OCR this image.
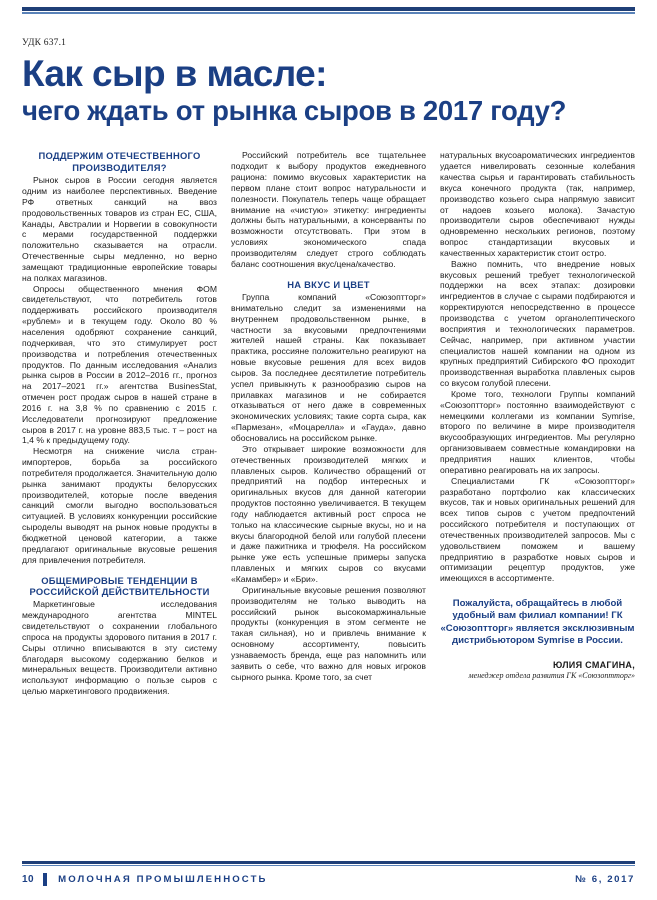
УДК 637.1
Как сыр в масле:
чего ждать от рынка сыров в 2017 году?
ПОДДЕРЖИМ ОТЕЧЕСТВЕННОГО ПРОИЗВОДИТЕЛЯ?

Рынок сыров в России сегодня является одним из наиболее перспективных. Введение РФ ответных санкций на ввоз продовольственных товаров из стран ЕС, США, Канады, Австралии и Норвегии в совокупности с мерами государственной поддержки положительно сказывается на отрасли. Отечественные сыры медленно, но верно замещают традиционные европейские товары на полках магазинов.

Опросы общественного мнения ФОМ свидетельствуют, что потребитель готов поддерживать российского производителя «рублем» и в текущем году. Около 80 % населения одобряют сохранение санкций, подчеркивая, что это стимулирует рост производства и потребления отечественных продуктов. По данным исследования «Анализ рынка сыров в России в 2012–2016 гг., прогноз на 2017–2021 гг.» агентства BusinesStat, отмечен рост продаж сыров в нашей стране в 2016 г. на 3,8 % по сравнению с 2015 г. Исследователи прогнозируют предложение сыров в 2017 г. на уровне 883,5 тыс. т – рост на 1,4 % к предыдущему году.

Несмотря на снижение числа стран-импортеров, борьба за российского потребителя продолжается. Значительную долю рынка занимают продукты белорусских производителей, которые после введения санкций смогли выгодно воспользоваться ситуацией. В условиях конкуренции российские сыроделы выводят на рынок новые продукты в бюджетной ценовой категории, а также предлагают оригинальные вкусовые решения для привлечения потребителя.

ОБЩЕМИРОВЫЕ ТЕНДЕНЦИИ В РОССИЙСКОЙ ДЕЙСТВИТЕЛЬНОСТИ

Маркетинговые исследования международного агентства MINTEL свидетельствуют о сохранении глобального спроса на продукты здорового питания в 2017 г. Сыры отлично вписываются в эту систему благодаря высокому содержанию белков и минеральных веществ. Производители активно используют информацию о пользе сыров с целью маркетингового продвижения.

Российский потребитель все тщательнее подходит к выбору продуктов ежедневного рациона: помимо вкусовых характеристик на первом плане стоит вопрос натуральности и полезности. Покупатель теперь чаще обращает внимание на «чистую» этикетку: ингредиенты должны быть натуральными, а консерванты по возможности отсутствовать. При этом в условиях экономического спада производителям следует строго соблюдать баланс соотношения вкус/цена/качество.

НА ВКУС И ЦВЕТ

Группа компаний «Союзоптторг» внимательно следит за изменениями на внутреннем продовольственном рынке, в частности за вкусовыми предпочтениями жителей нашей страны. Как показывает практика, россияне положительно реагируют на новые вкусовые решения для всех видов сыров. За последнее десятилетие потребитель успел привыкнуть к разнообразию сыров на прилавках магазинов и не собирается отказываться от него даже в современных экономических условиях; такие сорта сыра, как «Пармезан», «Моцарелла» и «Гауда», давно обосновались на российском рынке.

Это открывает широкие возможности для отечественных производителей мягких и плавленых сыров. Количество обращений от предприятий на подбор интересных и оригинальных вкусов для данной категории продуктов постоянно увеличивается. В текущем году наблюдается активный рост спроса не только на классические сырные вкусы, но и на вкусы благородной белой или голубой плесени и даже пажитника и трюфеля. На российском рынке уже есть успешные примеры запуска плавленых и мягких сыров со вкусами «Камамбер» и «Бри».

Оригинальные вкусовые решения позволяют производителям не только выводить на российский рынок высокомаржинальные продукты (конкуренция в этом сегменте не такая сильная), но и привлечь внимание к основному ассортименту, повысить узнаваемость бренда, еще раз напомнить или заявить о себе, что важно для новых игроков сырного рынка. Кроме того, за счет

натуральных вкусоароматических ингредиентов удается нивелировать сезонные колебания качества сырья и гарантировать стабильность вкуса конечного продукта (так, например, производство козьего сыра напрямую зависит от надоев козьего молока). Зачастую производители сыров обеспечивают нужды одновременно нескольких регионов, поэтому вопрос стандартизации вкусовых и качественных характеристик стоит остро.

Важно помнить, что внедрение новых вкусовых решений требует технологической поддержки на всех этапах: дозировки ингредиентов в случае с сырами подбираются и корректируются непосредственно в процессе производства с учетом органолептического восприятия и технологических параметров. Сейчас, например, при активном участии специалистов нашей компании на одном из крупных предприятий Сибирского ФО проходит производственная выработка плавленых сыров со вкусом голубой плесени.

Кроме того, технологи Группы компаний «Союзоптторг» постоянно взаимодействуют с немецкими коллегами из компании Symrise, второго по величине в мире производителя вкусообразующих ингредиентов. Мы регулярно организовываем совместные командировки на предприятия наших клиентов, чтобы оперативно реагировать на их запросы.

Специалистами ГК «Союзоптторг» разработано портфолио как классических вкусов, так и новых оригинальных решений для всех типов сыров с учетом предпочтений российского потребителя и поступающих от отечественных производителей запросов. Мы с удовольствием поможем и вашему предприятию в разработке новых сыров и оптимизации рецептур продуктов, уже имеющихся в ассортименте.

Пожалуйста, обращайтесь в любой удобный вам филиал компании! ГК «Союзоптторг» является эксклюзивным дистрибьютором Symrise в России.
ЮЛИЯ СМАГИНА,
менеджер отдела развития ГК «Союзоптторг»
10	МОЛОЧНАЯ ПРОМЫШЛЕННОСТЬ	№ 6, 2017
